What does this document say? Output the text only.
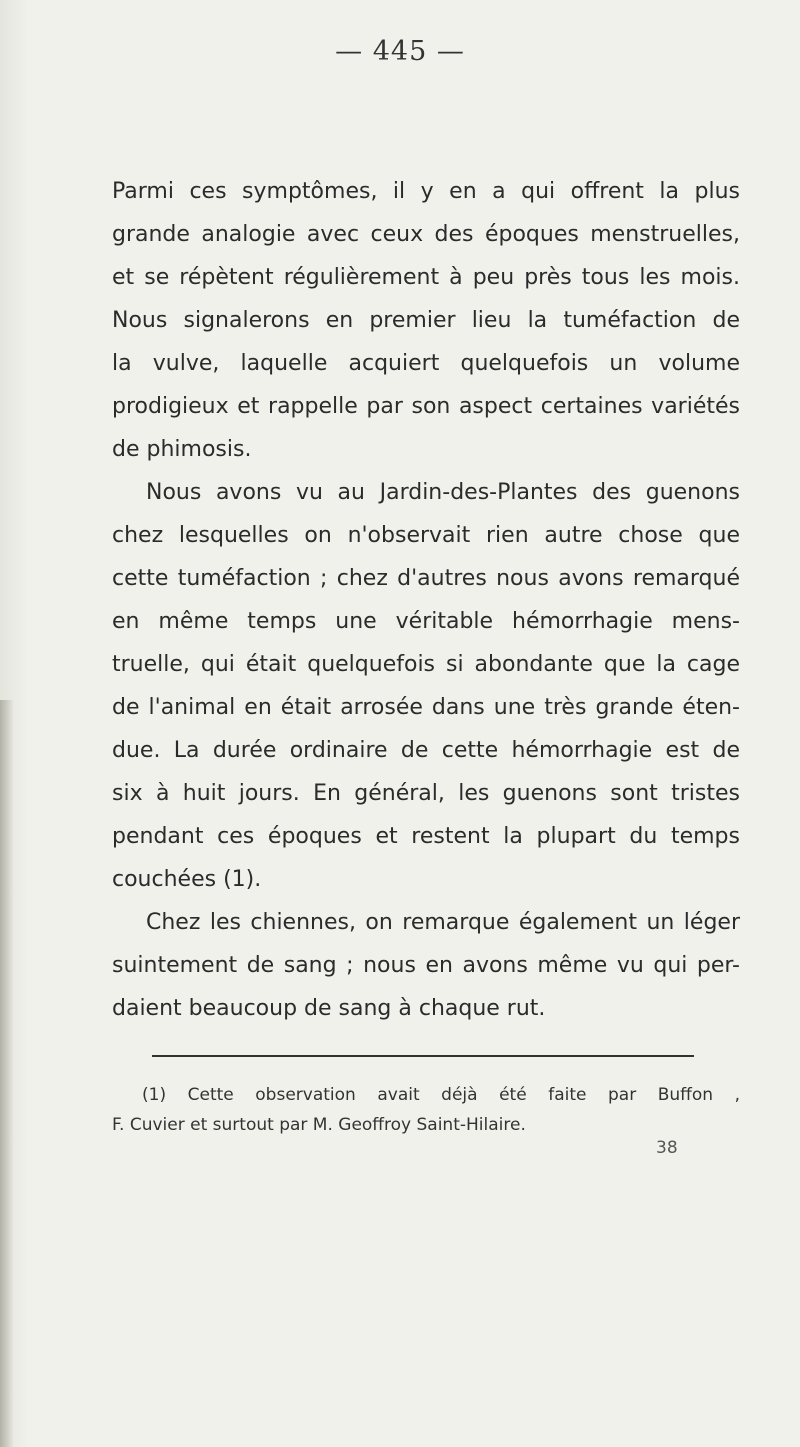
— 445 —
Parmi ces symptômes, il y en a qui offrent la plus
grande analogie avec ceux des époques menstruelles,
et se répètent régulièrement à peu près tous les mois.
Nous signalerons en premier lieu la tuméfaction de
la vulve, laquelle acquiert quelquefois un volume
prodigieux et rappelle par son aspect certaines variétés
de phimosis.
Nous avons vu au Jardin-des-Plantes des guenons
chez lesquelles on n'observait rien autre chose que
cette tuméfaction ; chez d'autres nous avons remarqué
en même temps une véritable hémorrhagie mens-
truelle, qui était quelquefois si abondante que la cage
de l'animal en était arrosée dans une très grande éten-
due. La durée ordinaire de cette hémorrhagie est de
six à huit jours. En général, les guenons sont tristes
pendant ces époques et restent la plupart du temps
couchées (1).
Chez les chiennes, on remarque également un léger
suintement de sang ; nous en avons même vu qui per-
daient beaucoup de sang à chaque rut.
(1) Cette observation avait déjà été faite par Buffon ,
F. Cuvier et surtout par M. Geoffroy Saint-Hilaire.
38
